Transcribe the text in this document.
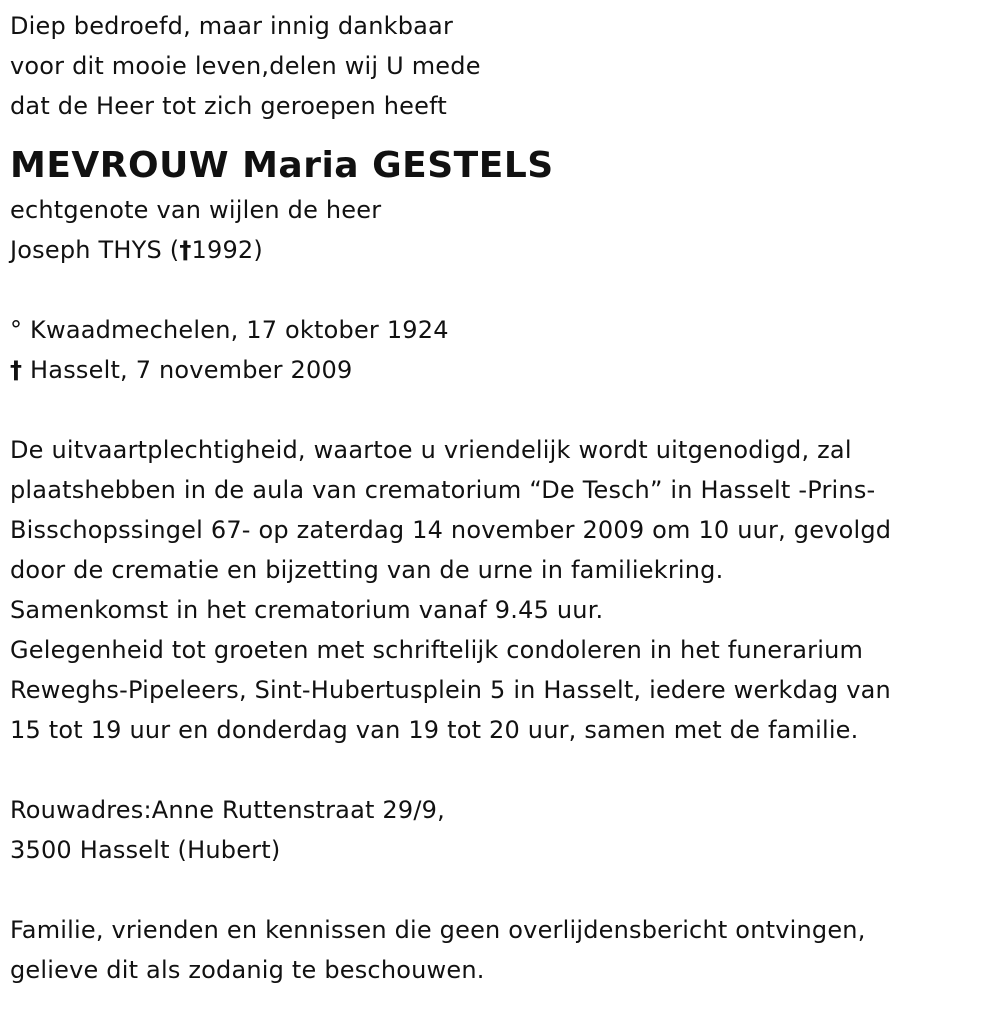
Diep bedroefd, maar innig dankbaar
voor dit mooie leven,delen wij U mede
dat de Heer tot zich geroepen heeft
MEVROUW Maria GESTELS
echtgenote van wijlen de heer
Joseph THYS (†1992)
° Kwaadmechelen, 17 oktober 1924
† Hasselt, 7 november 2009
De uitvaartplechtigheid, waartoe u vriendelijk wordt uitgenodigd, zal
plaatshebben in de aula van crematorium “De Tesch” in Hasselt -Prins-
Bisschopssingel 67- op zaterdag 14 november 2009 om 10 uur, gevolgd
door de crematie en bijzetting van de urne in familiekring.
Samenkomst in het crematorium vanaf 9.45 uur.
Gelegenheid tot groeten met schriftelijk condoleren in het funerarium
Reweghs-Pipeleers, Sint-Hubertusplein 5 in Hasselt, iedere werkdag van
15 tot 19 uur en donderdag van 19 tot 20 uur, samen met de familie.
Rouwadres:Anne Ruttenstraat 29/9,
3500 Hasselt (Hubert)
Familie, vrienden en kennissen die geen overlijdensbericht ontvingen,
gelieve dit als zodanig te beschouwen.
